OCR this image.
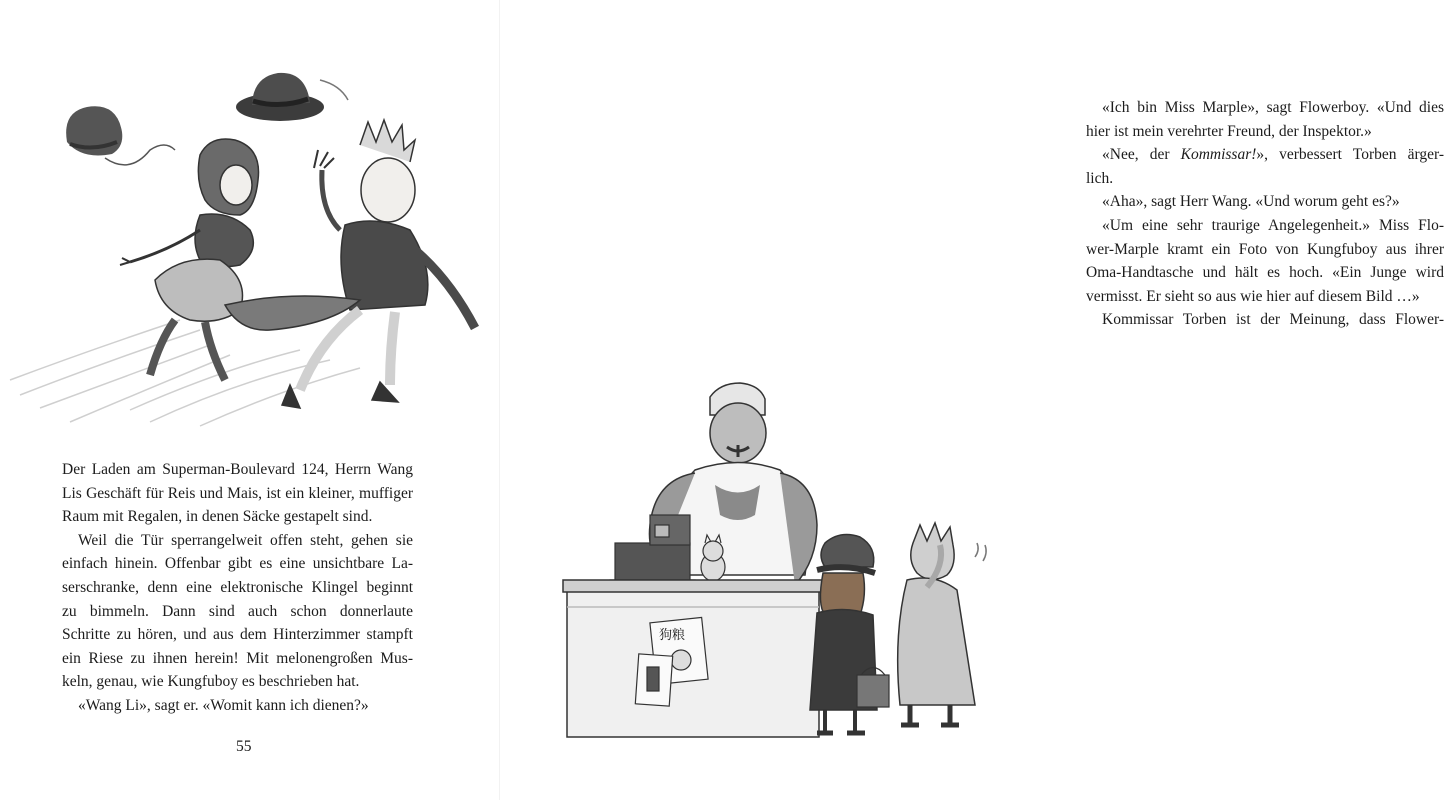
Der Laden am Superman-Boulevard 124, Herrn Wang

Lis Geschäft für Reis und Mais, ist ein kleiner, muffiger

Raum mit Regalen, in denen Säcke gestapelt sind.

Weil die Tür sperrangelweit offen steht, gehen sie

einfach hinein. Offenbar gibt es eine unsichtbare La-

serschranke, denn eine elektronische Klingel beginnt

zu bimmeln. Dann sind auch schon donnerlaute

Schritte zu hören, und aus dem Hinterzimmer stampft

ein Riese zu ihnen herein! Mit melonengroßen Mus-

keln, genau, wie Kungfuboy es beschrieben hat.

«Wang Li», sagt er. «Womit kann ich dienen?»

55

«Ich bin Miss Marple», sagt Flowerboy. «Und dies

hier ist mein verehrter Freund, der Inspektor.»

«Nee, der Kommissar!», verbessert Torben ärger-

lich.

«Aha», sagt Herr Wang. «Und worum geht es?»

«Um eine sehr traurige Angelegenheit.» Miss Flo-

wer-Marple kramt ein Foto von Kungfuboy aus ihrer

Oma-Handtasche und hält es hoch. «Ein Junge wird

vermisst. Er sieht so aus wie hier auf diesem Bild …»

Kommissar Torben ist der Meinung, dass Flower-

狗粮
